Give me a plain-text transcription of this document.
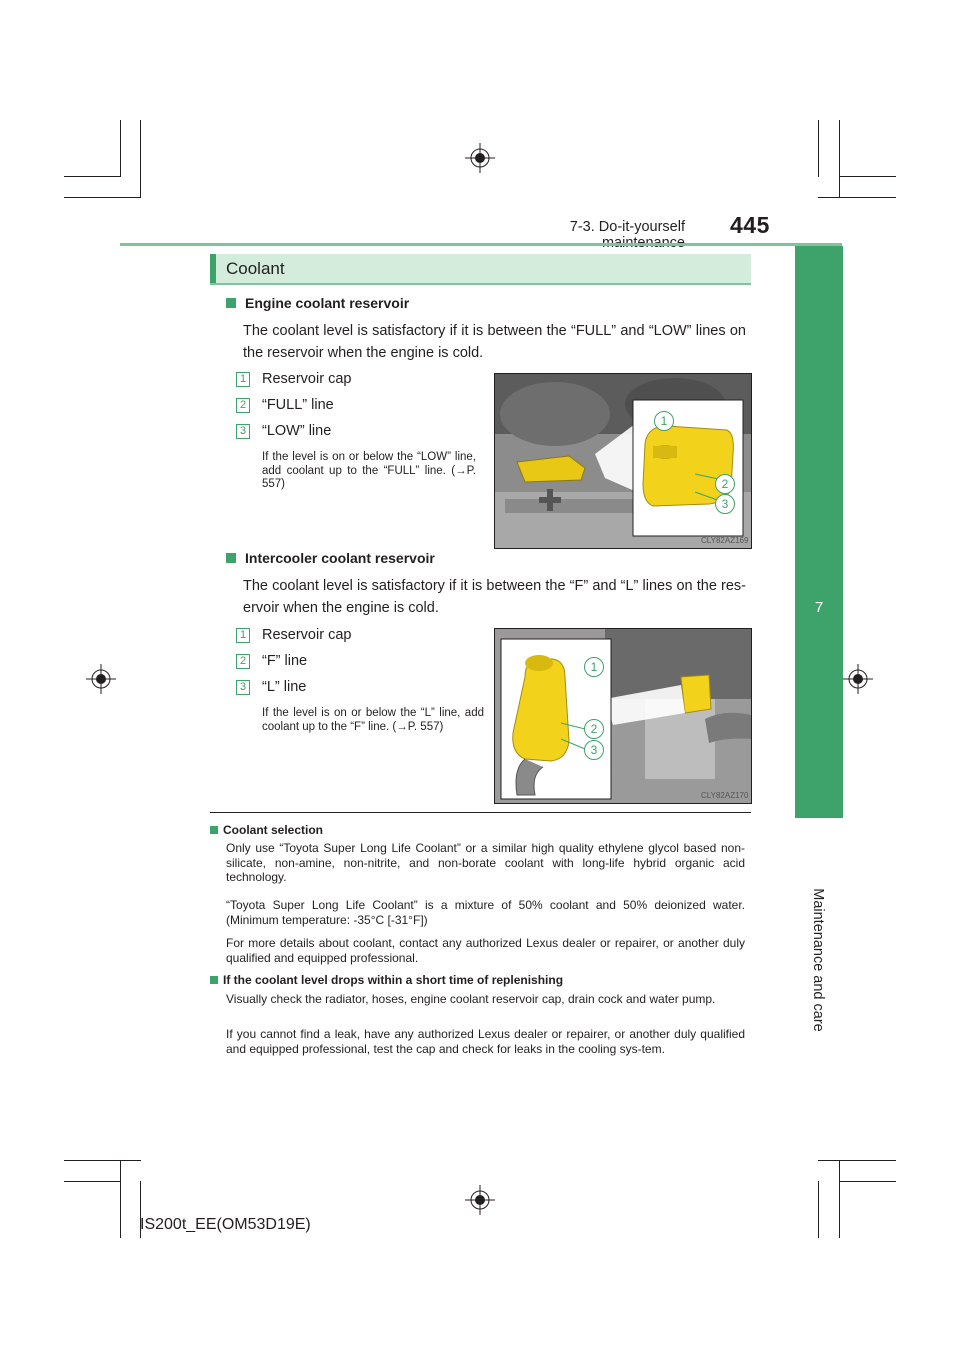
7-3. Do-it-yourself 445
7
Maintenance and care
Coolant
Engine coolant reservoir
The coolant level is satisfactory if it is between the “FULL” and “LOW” lines on the reservoir when the engine is cold.
1 Reservoir cap
2 “FULL” line
3 “LOW” line
If the level is on or below the “LOW” line, add coolant up to the “FULL” line. (→P. 557)
1
2
3
CLY82AZ169
Intercooler coolant reservoir
The coolant level is satisfactory if it is between the “F” and “L” lines on the res-ervoir when the engine is cold.
1 Reservoir cap
2 “F” line
3 “L” line
If the level is on or below the “L” line, add coolant up to the “F” line. (→P. 557)
1
2
3
CLY82AZ170
Coolant selection
Only use “Toyota Super Long Life Coolant” or a similar high quality ethylene glycol based non-silicate, non-amine, non-nitrite, and non-borate coolant with long-life hybrid organic acid technology.
“Toyota Super Long Life Coolant” is a mixture of 50% coolant and 50% deionized water. (Minimum temperature: -35°C [-31°F])
For more details about coolant, contact any authorized Lexus dealer or repairer, or another duly qualified and equipped professional.
If the coolant level drops within a short time of replenishing
Visually check the radiator, hoses, engine coolant reservoir cap, drain cock and water pump.
If you cannot find a leak, have any authorized Lexus dealer or repairer, or another duly qualified and equipped professional, test the cap and check for leaks in the cooling sys-tem.
IS200t_EE(OM53D19E)
